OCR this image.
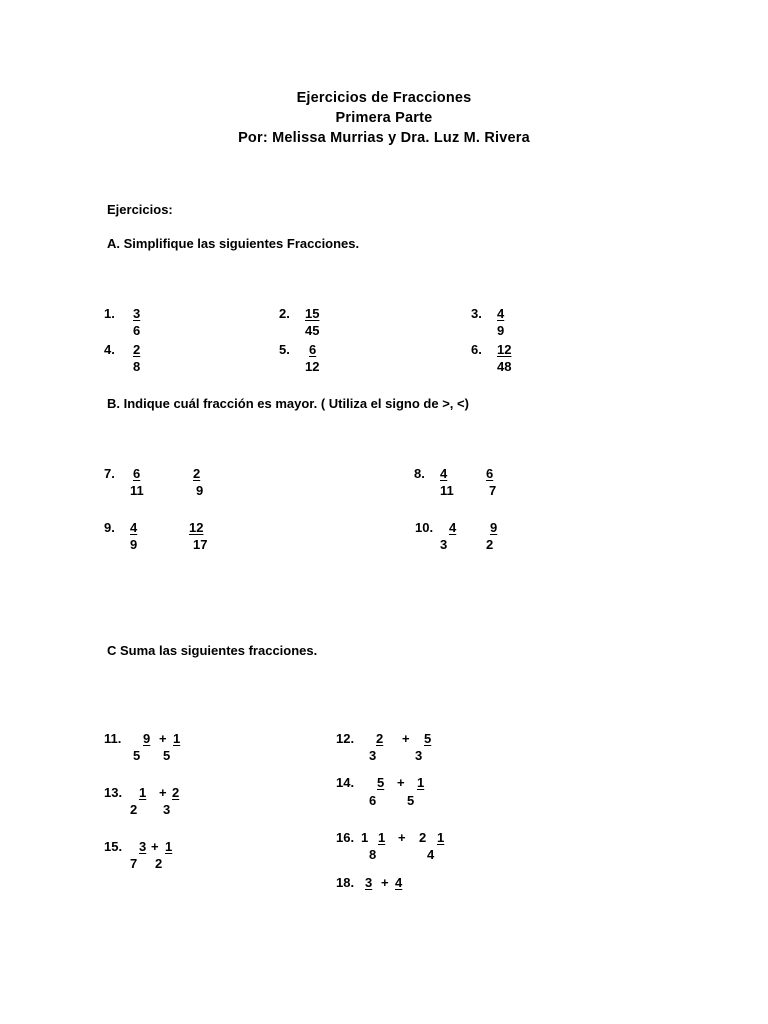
Ejercicios de Fracciones
Primera Parte
Por: Melissa Murrias y Dra. Luz M. Rivera
Ejercicios:
A. Simplifique las siguientes Fracciones.
1. 3
6
2. 15
45
3. 4
9
4. 2
8
5. 6
12
6. 12
48
B. Indique cuál fracción es mayor. ( Utiliza el signo de >, <)
7. 6
11
2
9
8. 4
11
6
7
9. 4
9
12
17
10. 4
3
9
2
C Suma las siguientes fracciones.
11. 9
5
+ 1
5
12. 2
3
+ 5
3
13. 1
2
+ 2
3
14. 5
6
+ 1
5
15. 3
7
+ 1
2
16. 1 1
8
+ 2 1
4
18. 3 + 4
